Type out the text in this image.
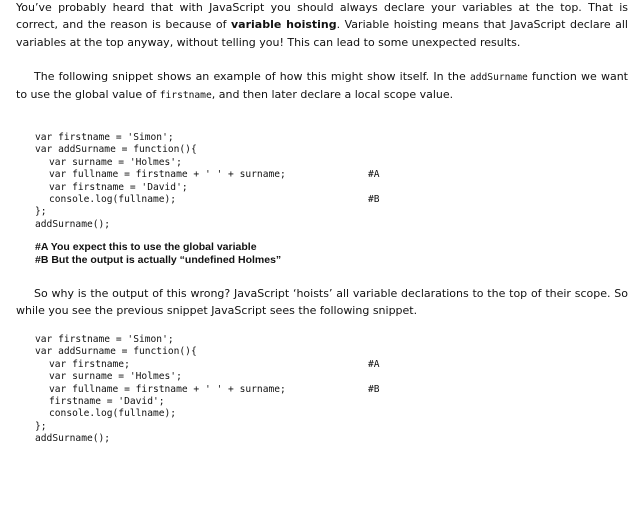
You’ve probably heard that with JavaScript you should always declare your variables at the top. That is correct, and the reason is because of variable hoisting. Variable hoisting means that JavaScript declare all variables at the top anyway, without telling you! This can lead to some unexpected results.

The following snippet shows an example of how this might show itself. In the addSurname function we want to use the global value of firstname, and then later declare a local scope value.

var firstname = 'Simon';
var addSurname = function(){
var surname = 'Holmes';
var fullname = firstname + ' ' + surname;	#A
var firstname = 'David';
console.log(fullname);	#B
};
addSurname();
#A You expect this to use the global variable
#B But the output is actually “undefined Holmes”

So why is the output of this wrong? JavaScript ‘hoists’ all variable declarations to the top of their scope. So while you see the previous snippet JavaScript sees the following snippet.

var firstname = 'Simon';
var addSurname = function(){
var firstname;	#A
var surname = 'Holmes';
var fullname = firstname + ' ' + surname;	#B
firstname = 'David';
console.log(fullname);
};
addSurname();
